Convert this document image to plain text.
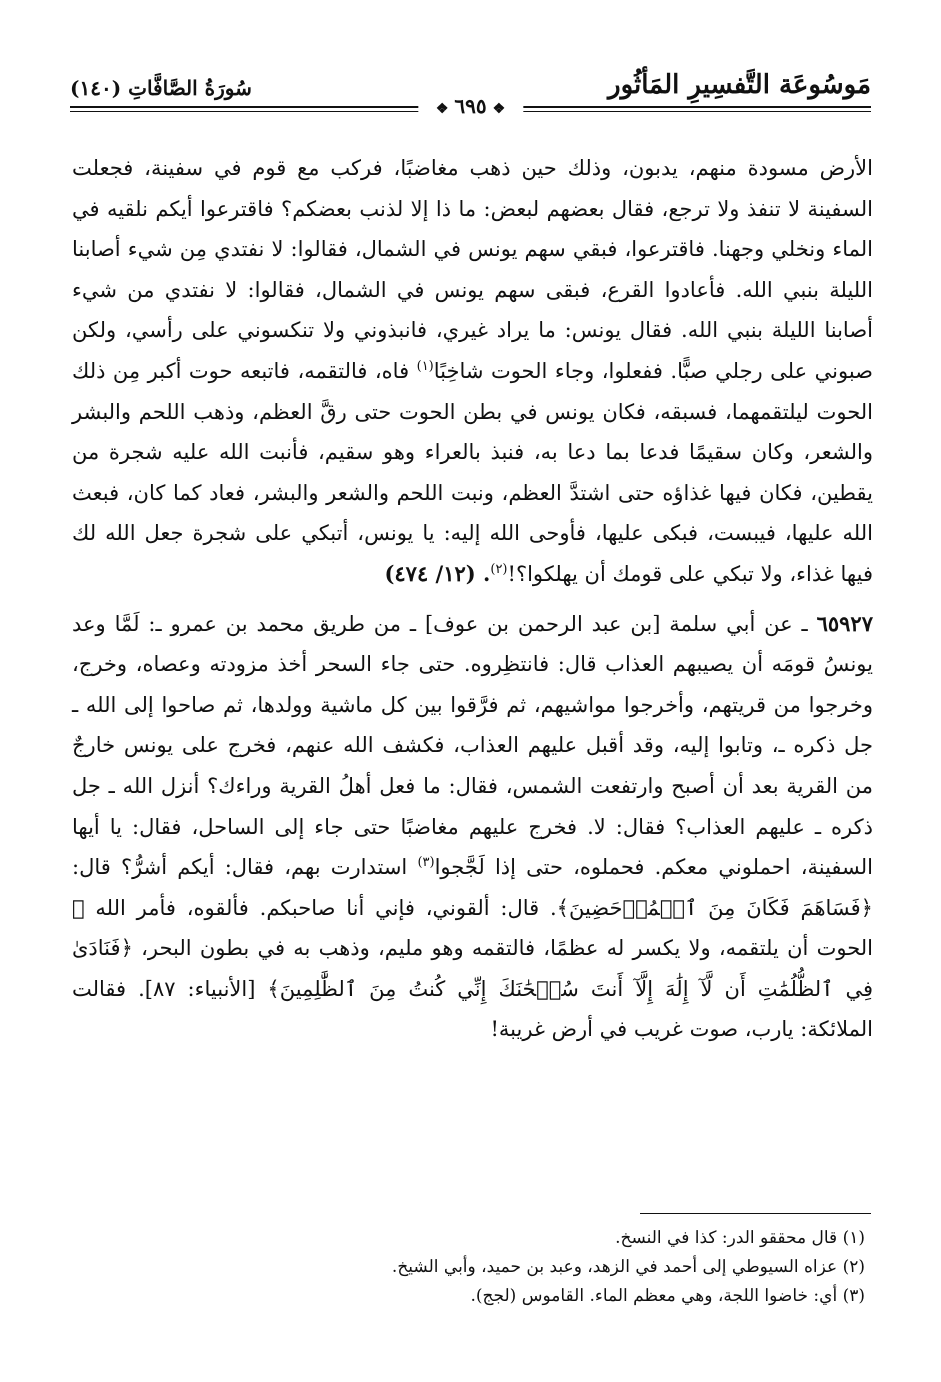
مَوسُوعَة التَّفسِيرِ المَأثُور
سُورَةُ الصَّافَّاتِ (١٤٠)
❖٦٩٥❖

الأرض مسودة منهم، يدبون، وذلك حين ذهب مغاضبًا، فركب مع قوم في سفينة، فجعلت السفينة لا تنفذ ولا ترجع، فقال بعضهم لبعض: ما ذا إلا لذنب بعضكم؟ فاقترعوا أيكم نلقيه في الماء ونخلي وجهنا. فاقترعوا، فبقي سهم يونس في الشمال، فقالوا: لا نفتدي مِن شيء أصابنا الليلة بنبي الله. فأعادوا القرع، فبقى سهم يونس في الشمال، فقالوا: لا نفتدي من شيء أصابنا الليلة بنبي الله. فقال يونس: ما يراد غيري، فانبذوني ولا تنكسوني على رأسي، ولكن صبوني على رجلي صبًّا. ففعلوا، وجاء الحوت شاخِبًا$^{(١)}$ فاه، فالتقمه، فاتبعه حوت أكبر مِن ذلك الحوت ليلتقمهما، فسبقه، فكان يونس في بطن الحوت حتى رقَّ العظم، وذهب اللحم والبشر والشعر، وكان سقيمًا فدعا بما دعا به، فنبذ بالعراء وهو سقيم، فأنبت الله عليه شجرة من يقطين، فكان فيها غذاؤه حتى اشتدَّ العظم، ونبت اللحم والشعر والبشر، فعاد كما كان، فبعث الله عليها، فيبست، فبكى عليها، فأوحى الله إليه: يا يونس، أتبكي على شجرة جعل الله لك فيها غذاء، ولا تبكي على قومك أن يهلكوا؟!$^{(٢)}$. (١٢/ ٤٧٤)

٦٥٩٢٧ ـ عن أبي سلمة [بن عبد الرحمن بن عوف] ـ من طريق محمد بن عمرو ـ: لَمَّا وعد يونسُ قومَه أن يصيبهم العذاب قال: فانتظِروه. حتى جاء السحر أخذ مزودته وعصاه، وخرج، وخرجوا من قريتهم، وأخرجوا مواشيهم، ثم فرَّقوا بين كل ماشية وولدها، ثم صاحوا إلى الله ـ جل ذكره ـ، وتابوا إليه، وقد أقبل عليهم العذاب، فكشف الله عنهم، فخرج على يونس خارجٌ من القرية بعد أن أصبح وارتفعت الشمس، فقال: ما فعل أهلُ القرية وراءك؟ أنزل الله ـ جل ذكره ـ عليهم العذاب؟ فقال: لا. فخرج عليهم مغاضبًا حتى جاء إلى الساحل، فقال: يا أيها السفينة، احملوني معكم. فحملوه، حتى إذا لَجَّجوا$^{(٣)}$ استدارت بهم، فقال: أيكم أشرُّ؟ قال: ﴿فَسَاهَمَ فَكَانَ مِنَ ٱلۡمُدۡحَضِينَ﴾. قال: ألقوني، فإني أنا صاحبكم. فألقوه، فأمر الله ﷻ الحوت أن يلتقمه، ولا يكسر له عظمًا، فالتقمه وهو مليم، وذهب به في بطون البحر، ﴿فَنَادَىٰ فِي ٱلظُّلُمَٰتِ أَن لَّآ إِلَٰهَ إِلَّآ أَنتَ سُبۡحَٰنَكَ إِنِّي كُنتُ مِنَ ٱلظَّٰلِمِينَ﴾ [الأنبياء: ٨٧]. فقالت الملائكة: يارب، صوت غريب في أرض غريبة!

(١) قال محققو الدر: كذا في النسخ.

(٢) عزاه السيوطي إلى أحمد في الزهد، وعبد بن حميد، وأبي الشيخ.

(٣) أي: خاضوا اللجة، وهي معظم الماء. القاموس (لجج).
